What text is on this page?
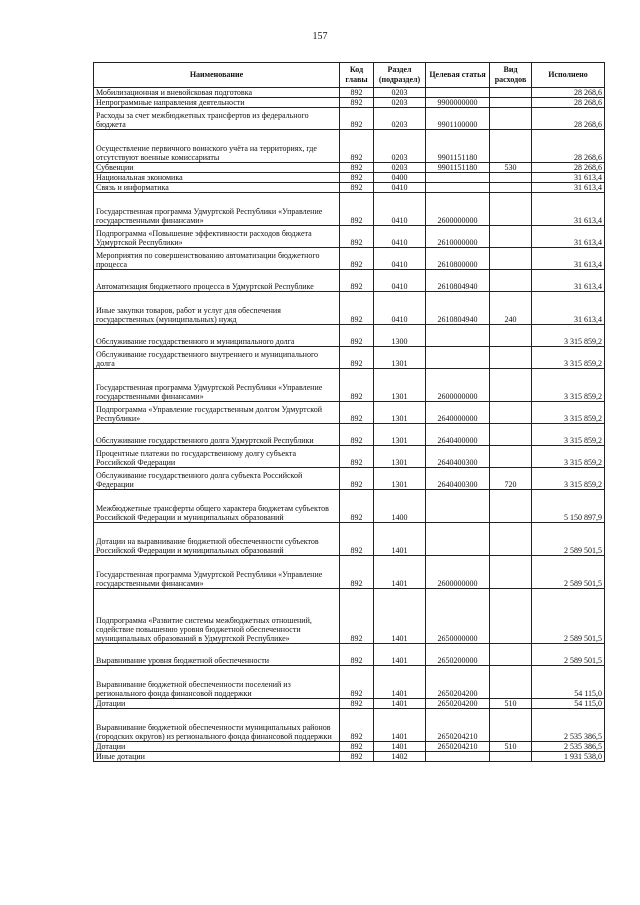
157
Наименование	Код главы	Раздел (подраздел)	Целевая статья	Вид расходов	Исполнено
Мобилизационная и вневойсковая подготовка	892	0203			28 268,6
Непрограммные направления деятельности	892	0203	9900000000		28 268,6
Расходы за счет межбюджетных трансфертов из федерального бюджета	892	0203	9901100000		28 268,6
Осуществление первичного воинского учёта на территориях, где отсутствуют военные комиссариаты	892	0203	9901151180		28 268,6
Субвенции	892	0203	9901151180	530	28 268,6
Национальная экономика	892	0400			31 613,4
Связь и информатика	892	0410			31 613,4
Государственная программа Удмуртской Республики «Управление государственными финансами»	892	0410	2600000000		31 613,4
Подпрограмма «Повышение эффективности расходов бюджета Удмуртской Республики»	892	0410	2610000000		31 613,4
Мероприятия по совершенствованию автоматизации бюджетного процесса	892	0410	2610800000		31 613,4
Автоматизация бюджетного процесса в Удмуртской Республике	892	0410	2610804940		31 613,4
Иные закупки товаров, работ и услуг для обеспечения государственных (муниципальных) нужд	892	0410	2610804940	240	31 613,4
Обслуживание государственного и муниципального долга	892	1300			3 315 859,2
Обслуживание государственного внутреннего и муниципального долга	892	1301			3 315 859,2
Государственная программа Удмуртской Республики «Управление государственными финансами»	892	1301	2600000000		3 315 859,2
Подпрограмма «Управление государственным долгом Удмуртской Республики»	892	1301	2640000000		3 315 859,2
Обслуживание государственного долга Удмуртской Республики	892	1301	2640400000		3 315 859,2
Процентные платежи по государственному долгу субъекта Российской Федерации	892	1301	2640400300		3 315 859,2
Обслуживание государственного долга субъекта Российской Федерации	892	1301	2640400300	720	3 315 859,2
Межбюджетные трансферты общего характера бюджетам субъектов Российской Федерации и муниципальных образований	892	1400			5 150 897,9
Дотации на выравнивание бюджетной обеспеченности субъектов Российской Федерации и муниципальных образований	892	1401			2 589 501,5
Государственная программа Удмуртской Республики «Управление государственными финансами»	892	1401	2600000000		2 589 501,5
Подпрограмма «Развитие системы межбюджетных отношений, содействие повышению уровня бюджетной обеспеченности муниципальных образований в Удмуртской Республике»	892	1401	2650000000		2 589 501,5
Выравнивание уровня бюджетной обеспеченности	892	1401	2650200000		2 589 501,5
Выравнивание бюджетной обеспеченности поселений из регионального фонда финансовой поддержки	892	1401	2650204200		54 115,0
Дотации	892	1401	2650204200	510	54 115,0
Выравнивание бюджетной обеспеченности муниципальных районов (городских округов) из регионального фонда финансовой поддержки	892	1401	2650204210		2 535 386,5
Дотации	892	1401	2650204210	510	2 535 386,5
Иные дотации	892	1402			1 931 538,0
